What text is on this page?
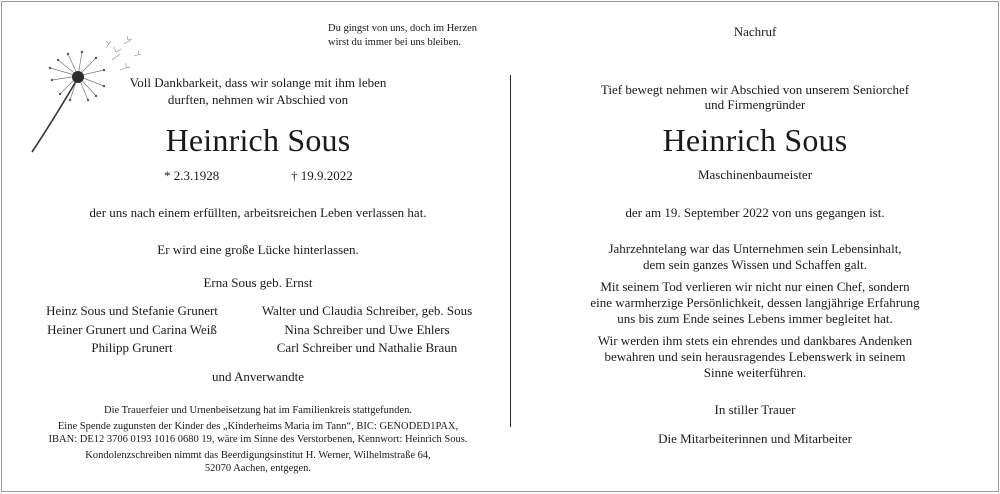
Du gingst von uns, doch im Herzen
wirst du immer bei uns bleiben.
Voll Dankbarkeit, dass wir solange mit ihm leben
durften, nehmen wir Abschied von
Heinrich Sous
* 2.3.1928	† 19.9.2022
der uns nach einem erfüllten, arbeitsreichen Leben verlassen hat.
Er wird eine große Lücke hinterlassen.
Erna Sous geb. Ernst
Heinz Sous und Stefanie Grunert
Heiner Grunert und Carina Weiß
Philipp Grunert
Walter und Claudia Schreiber, geb. Sous
Nina Schreiber und Uwe Ehlers
Carl Schreiber und Nathalie Braun
und Anverwandte
Die Trauerfeier und Urnenbeisetzung hat im Familienkreis stattgefunden.
Eine Spende zugunsten der Kinder des „Kinderheims Maria im Tann“, BIC: GENODED1PAX,
IBAN: DE12 3706 0193 1016 0680 19, wäre im Sinne des Verstorbenen, Kennwort: Heinrich Sous.
Kondolenzschreiben nimmt das Beerdigungsinstitut H. Werner, Wilhelmstraße 64,
52070 Aachen, entgegen.
Nachruf
Tief bewegt nehmen wir Abschied von unserem Seniorchef
und Firmengründer
Heinrich Sous
Maschinenbaumeister
der am 19. September 2022 von uns gegangen ist.
Jahrzehntelang war das Unternehmen sein Lebensinhalt,
dem sein ganzes Wissen und Schaffen galt.
Mit seinem Tod verlieren wir nicht nur einen Chef, sondern
eine warmherzige Persönlichkeit, dessen langjährige Erfahrung
uns bis zum Ende seines Lebens immer begleitet hat.
Wir werden ihm stets ein ehrendes und dankbares Andenken
bewahren und sein herausragendes Lebenswerk in seinem
Sinne weiterführen.
In stiller Trauer
Die Mitarbeiterinnen und Mitarbeiter
